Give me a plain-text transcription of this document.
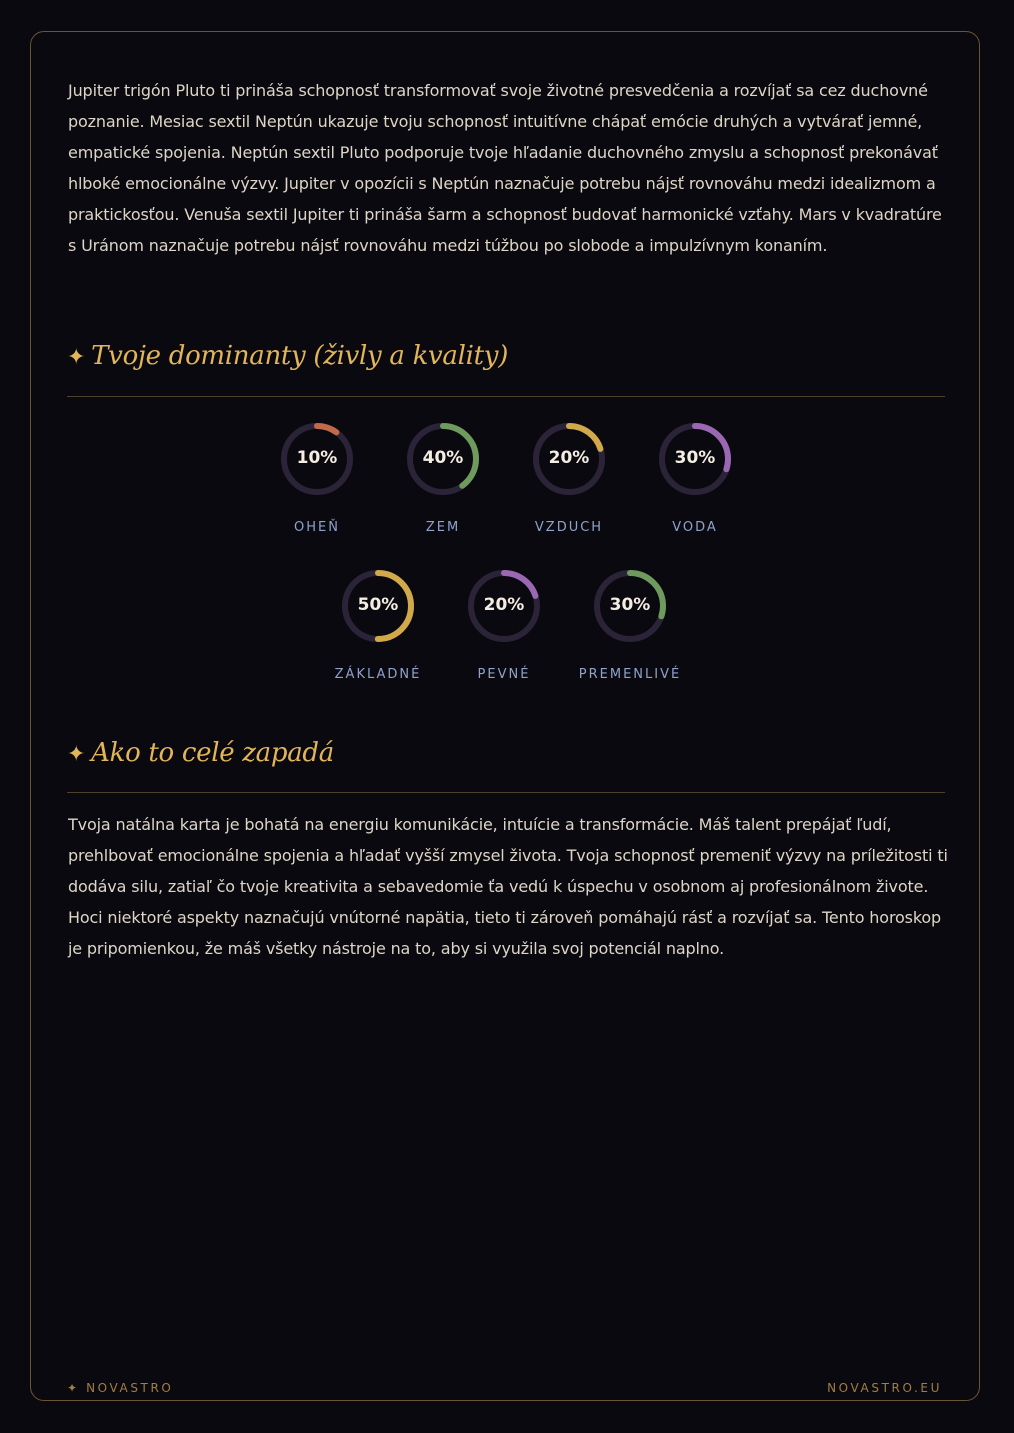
Jupiter trigón Pluto ti prináša schopnosť transformovať svoje životné presvedčenia a rozvíjať sa cez duchovné poznanie. Mesiac sextil Neptún ukazuje tvoju schopnosť intuitívne chápať emócie druhých a vytvárať jemné, empatické spojenia. Neptún sextil Pluto podporuje tvoje hľadanie duchovného zmyslu a schopnosť prekonávať hlboké emocionálne výzvy. Jupiter v opozícii s Neptún naznačuje potrebu nájsť rovnováhu medzi idealizmom a praktickosťou. Venuša sextil Jupiter ti prináša šarm a schopnosť budovať harmonické vzťahy. Mars v kvadratúre s Uránom naznačuje potrebu nájsť rovnováhu medzi túžbou po slobode a impulzívnym konaním.

✦ Tvoje dominanty (živly a kvality)
10%
OHEŇ
40%
ZEM
20%
VZDUCH
30%
VODA
50%
ZÁKLADNÉ
20%
PEVNÉ
30%
PREMENLIVÉ
✦ Ako to celé zapadá

Tvoja natálna karta je bohatá na energiu komunikácie, intuície a transformácie. Máš talent prepájať ľudí, prehlbovať emocionálne spojenia a hľadať vyšší zmysel života. Tvoja schopnosť premeniť výzvy na príležitosti ti dodáva silu, zatiaľ čo tvoje kreativita a sebavedomie ťa vedú k úspechu v osobnom aj profesionálnom živote. Hoci niektoré aspekty naznačujú vnútorné napätia, tieto ti zároveň pomáhajú rásť a rozvíjať sa. Tento horoskop je pripomienkou, že máš všetky nástroje na to, aby si využila svoj potenciál naplno.

✦ NOVASTRO	NOVASTRO.EU
